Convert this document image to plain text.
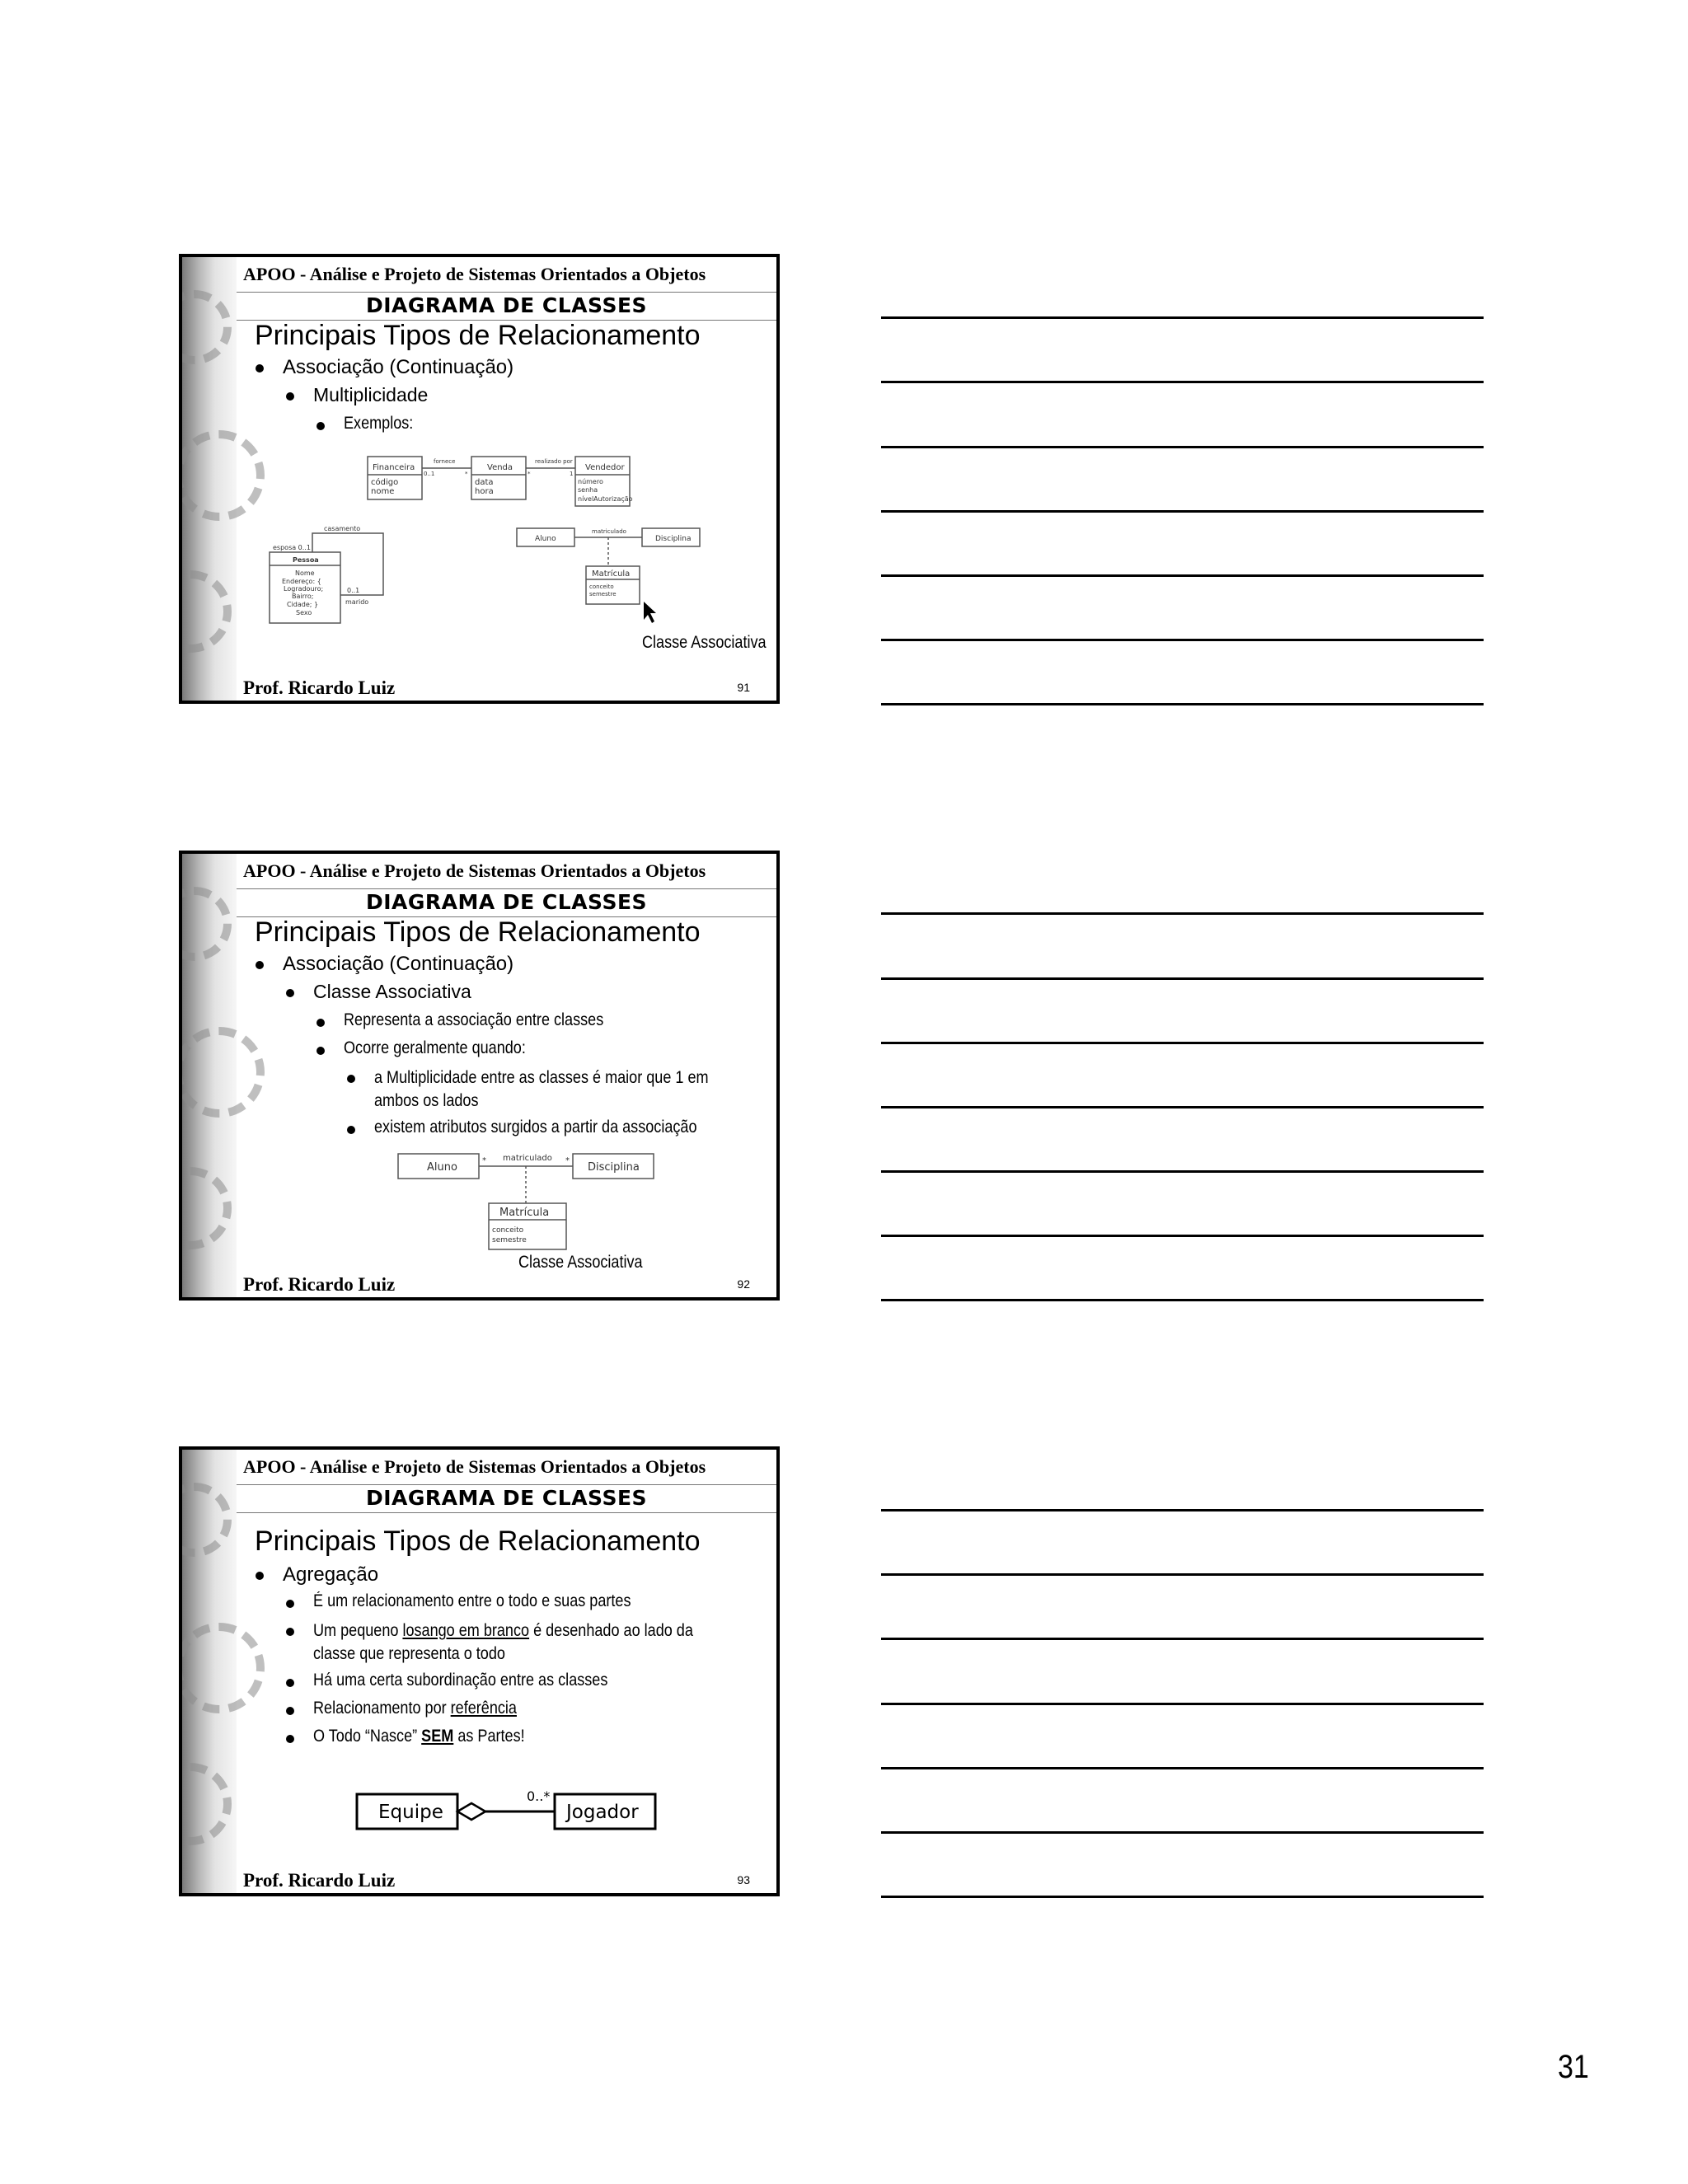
APOO - Análise e Projeto de Sistemas Orientados a Objetos
DIAGRAMA DE CLASSES
Principais Tipos de Relacionamento
Associação (Continuação)
Multiplicidade
Exemplos:
Financeira
código
nome
Venda
data
hora
Vendedor
número
senha
nívelAutorização
fornece	realizado por
0..1	*	*	1
casamento
esposa 0..1
0..1
marido
Pessoa
Nome
Endereço: {
Logradouro;
Bairro;
Cidade; }
Sexo
Aluno	Disciplina
matriculado
Matrícula
conceito
semestre
Classe Associativa
Prof. Ricardo Luiz	91
APOO - Análise e Projeto de Sistemas Orientados a Objetos
DIAGRAMA DE CLASSES
Principais Tipos de Relacionamento
Associação (Continuação)
Classe Associativa
Representa a associação entre classes
Ocorre geralmente quando:
a Multiplicidade entre as classes é maior que 1 em ambos os lados
existem atributos surgidos a partir da associação
Aluno	Disciplina
matriculado
*	*
Matrícula
conceito
semestre
Classe Associativa
Prof. Ricardo Luiz	92
APOO - Análise e Projeto de Sistemas Orientados a Objetos
DIAGRAMA DE CLASSES
Principais Tipos de Relacionamento
Agregação
É um relacionamento entre o todo e suas partes
Um pequeno losango em branco é desenhado ao lado da classe que representa o todo
Há uma certa subordinação entre as classes
Relacionamento por referência
O Todo “Nasce” SEM as Partes!
Equipe	Jogador
0..*
Prof. Ricardo Luiz	93
31
